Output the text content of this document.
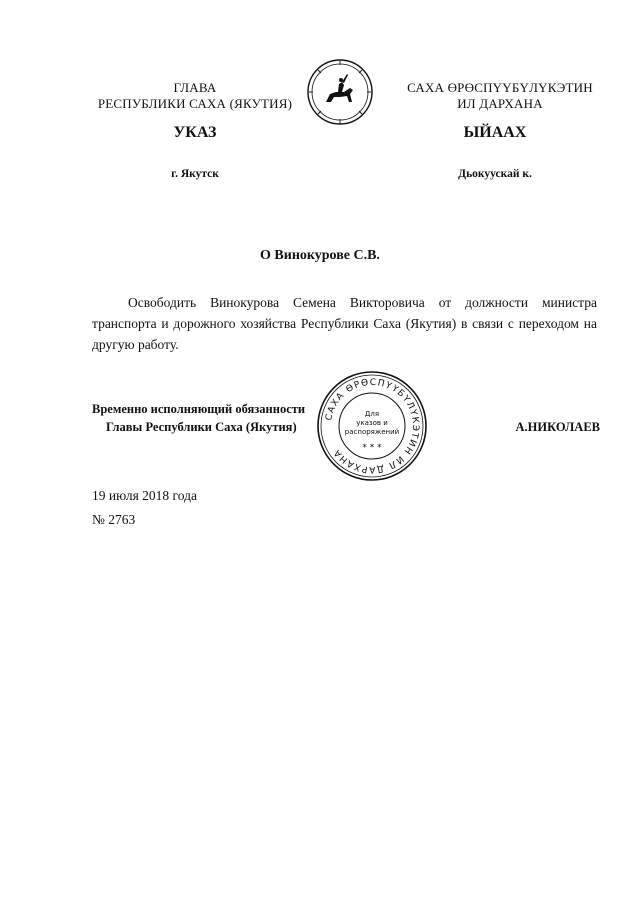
ГЛАВА
РЕСПУБЛИКИ САХА (ЯКУТИЯ)
САХА ӨРӨСПҮҮБҮЛҮКЭТИН
ИЛ ДАРХАНА
УКАЗ	ЫЙААХ
г. Якутск	Дьокуускай к.
О Винокурове С.В.
Освободить Винокурова Семена Викторовича от должности министра транспорта и дорожного хозяйства Республики Саха (Якутия) в связи с переходом на другую работу.
Временно исполняющий обязанности
Главы Республики Саха (Якутия)	А.НИКОЛАЕВ
САХА ӨРӨСПҮҮБҮЛҮКЭТИН ИЛ ДАРХАНА
Для
указов и
распоряжений
* * *
19 июля 2018 года
№ 2763
